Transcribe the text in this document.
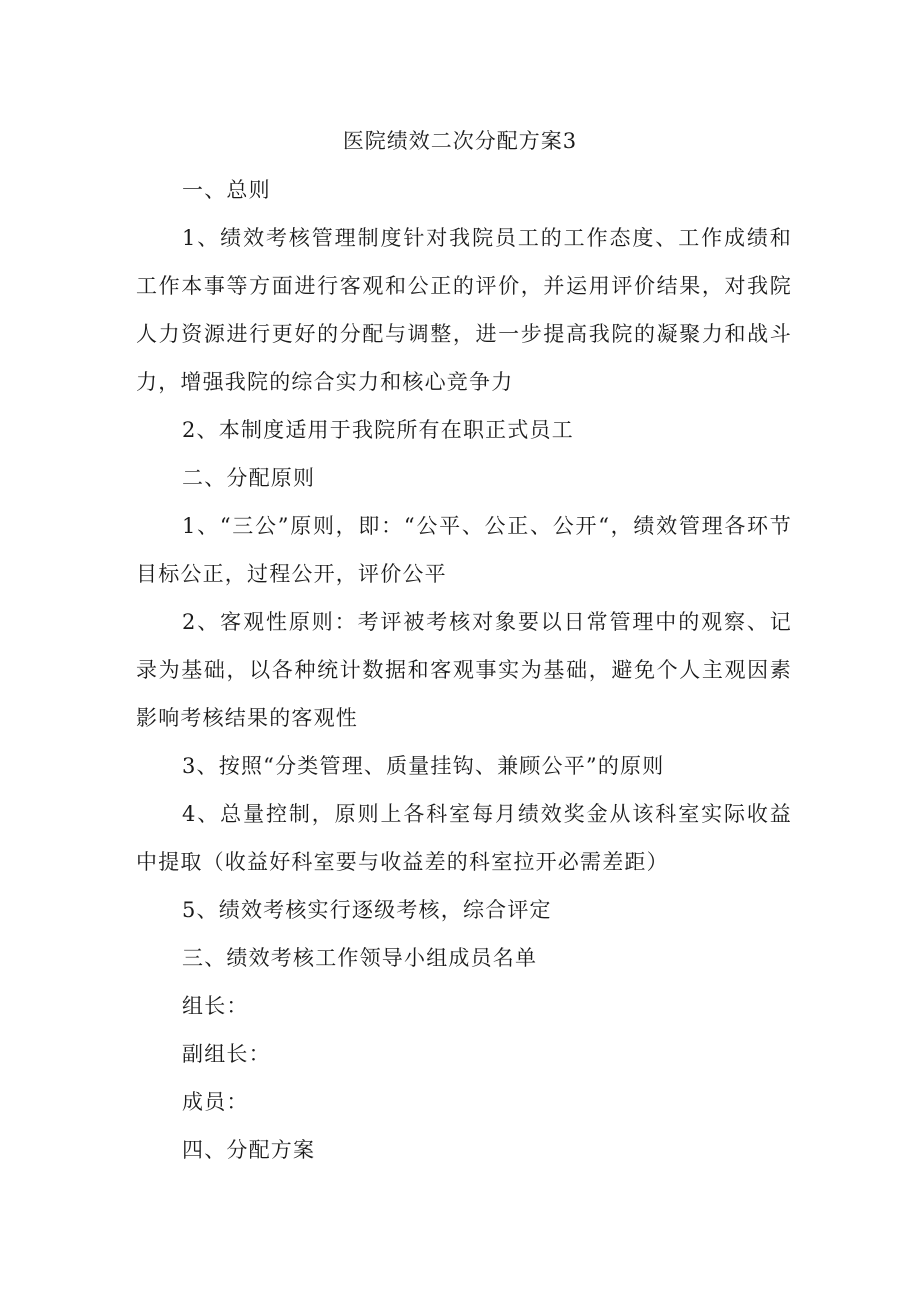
医院绩效二次分配方案3

一、总则

1、绩效考核管理制度针对我院员工的工作态度、工作成绩和工作本事等方面进行客观和公正的评价，并运用评价结果，对我院人力资源进行更好的分配与调整，进一步提高我院的凝聚力和战斗力，增强我院的综合实力和核心竞争力

2、本制度适用于我院所有在职正式员工

二、分配原则

1、“三公”原则，即：“公平、公正、公开“，绩效管理各环节目标公正，过程公开，评价公平

2、客观性原则：考评被考核对象要以日常管理中的观察、记录为基础，以各种统计数据和客观事实为基础，避免个人主观因素影响考核结果的客观性

3、按照“分类管理、质量挂钩、兼顾公平”的原则

4、总量控制，原则上各科室每月绩效奖金从该科室实际收益中提取（收益好科室要与收益差的科室拉开必需差距）

5、绩效考核实行逐级考核，综合评定

三、绩效考核工作领导小组成员名单

组长：

副组长：

成员：

四、分配方案
